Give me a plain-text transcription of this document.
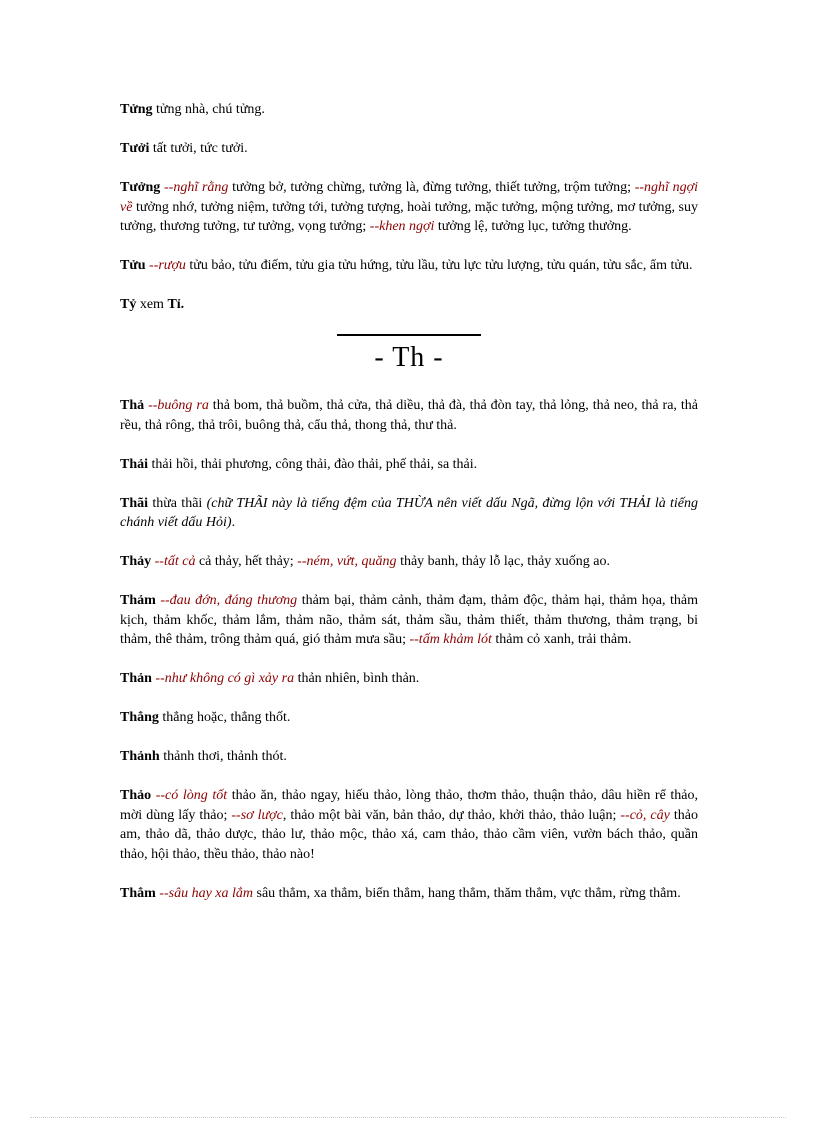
Tửng tửng nhà, chú tửng.

Tưởi tất tưởi, tức tưởi.

Tưởng --nghĩ rằng tưởng bở, tưởng chừng, tưởng là, đừng tưởng, thiết tưởng, trộm tưởng; --nghĩ ngợi về tưởng nhớ, tưởng niệm, tưởng tới, tưởng tượng, hoài tưởng, mặc tưởng, mộng tưởng, mơ tưởng, suy tưởng, thương tưởng, tư tưởng, vọng tưởng; --khen ngợi tưởng lệ, tưởng lục, tưởng thưởng.

Tửu --rượu tửu bảo, tửu điếm, tửu gia tửu hứng, tửu lầu, tửu lực tửu lượng, tửu quán, tửu sắc, ẩm tửu.

Tỷ xem Tỉ.

- Th -

Thả --buông ra thả bom, thả buồm, thả cửa, thả diều, thả đà, thả đòn tay, thả lỏng, thả neo, thả ra, thả rều, thả rông, thả trôi, buông thả, cẩu thả, thong thả, thư thả.

Thải thải hồi, thải phương, công thải, đào thải, phế thải, sa thải.

Thãi thừa thãi (chữ THÃI này là tiếng đệm của THỪA nên viết dấu Ngã, đừng lộn với THẢI là tiếng chánh viết dấu Hỏi).

Thảy --tất cả cả thảy, hết thảy; --ném, vứt, quăng thảy banh, thảy lỗ lạc, thảy xuống ao.

Thảm --đau đớn, đáng thương thảm bại, thảm cảnh, thảm đạm, thảm độc, thảm hại, thảm họa, thảm kịch, thảm khốc, thảm lắm, thảm não, thảm sát, thảm sầu, thảm thiết, thảm thương, thảm trạng, bi thảm, thê thảm, trông thảm quá, gió thảm mưa sầu; --tấm khảm lót thảm cỏ xanh, trải thảm.

Thản --như không có gì xảy ra thản nhiên, bình thản.

Thẳng thẳng hoặc, thẳng thốt.

Thảnh thảnh thơi, thảnh thót.

Thảo --có lòng tốt thảo ăn, thảo ngay, hiếu thảo, lòng thảo, thơm thảo, thuận thảo, dâu hiền rể thảo, mời dùng lấy thảo; --sơ lược, thảo một bài văn, bản thảo, dự thảo, khởi thảo, thảo luận; --cỏ, cây thảo am, thảo dã, thảo dược, thảo lư, thảo mộc, thảo xá, cam thảo, thảo cầm viên, vườn bách thảo, quần thảo, hội thảo, thều thảo, thảo nào!

Thẳm --sâu hay xa lắm sâu thẳm, xa thẳm, biển thẳm, hang thẳm, thăm thẳm, vực thẳm, rừng thẳm.
